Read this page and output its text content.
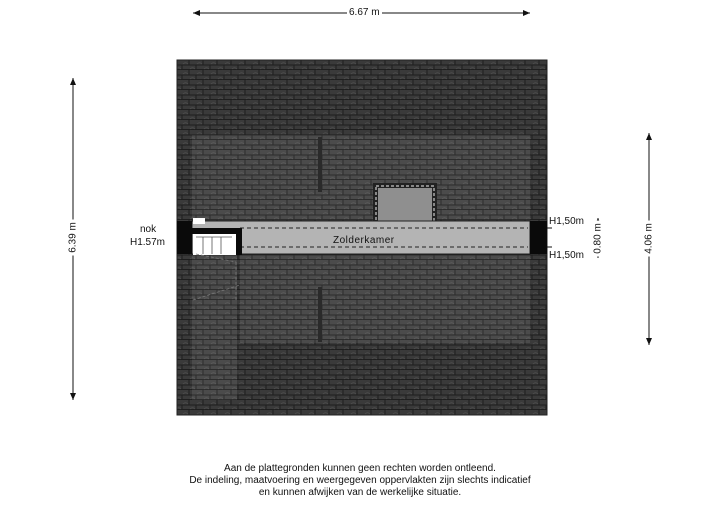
6.67 m
6.39 m	4.06 m
0.80 m
nok
H1.57m
H1,50m
H1,50m
Zolderkamer
Aan de plattegronden kunnen geen rechten worden ontleend.
De indeling, maatvoering en weergegeven oppervlakten zijn slechts indicatief
en kunnen afwijken van de werkelijke situatie.
